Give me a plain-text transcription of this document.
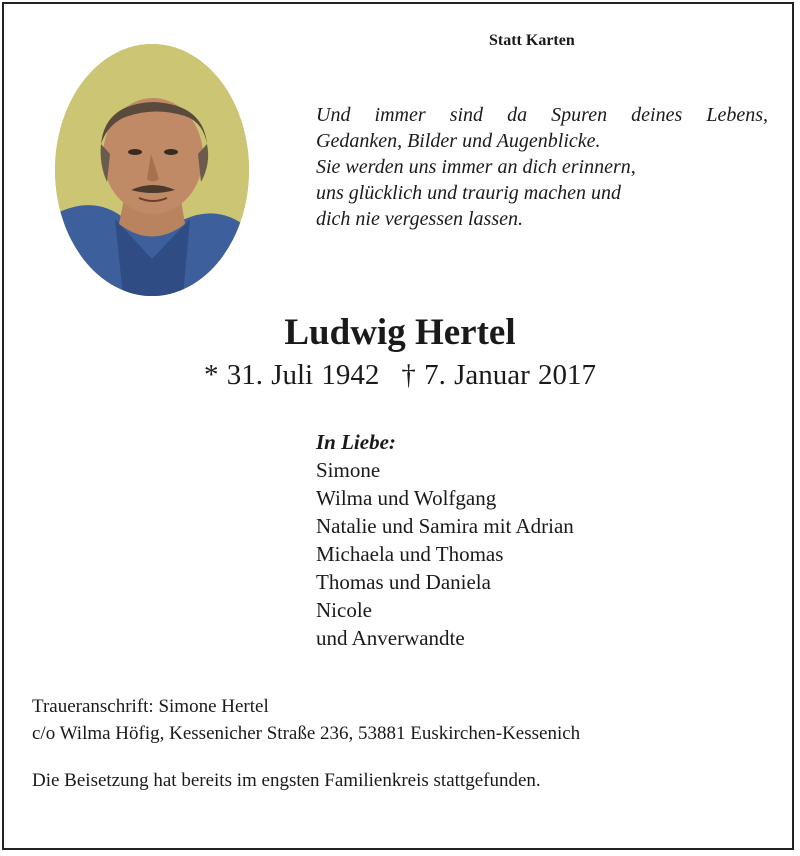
Statt Karten
Und immer sind da Spuren deines Lebens,
Gedanken, Bilder und Augenblicke.
Sie werden uns immer an dich erinnern,
uns glücklich und traurig machen und
dich nie vergessen lassen.
Ludwig Hertel
* 31. Juli 1942 † 7. Januar 2017
In Liebe:
Simone
Wilma und Wolfgang
Natalie und Samira mit Adrian
Michaela und Thomas
Thomas und Daniela
Nicole
und Anverwandte
Traueranschrift: Simone Hertel
c/o Wilma Höfig, Kessenicher Straße 236, 53881 Euskirchen-Kessenich
Die Beisetzung hat bereits im engsten Familienkreis stattgefunden.
